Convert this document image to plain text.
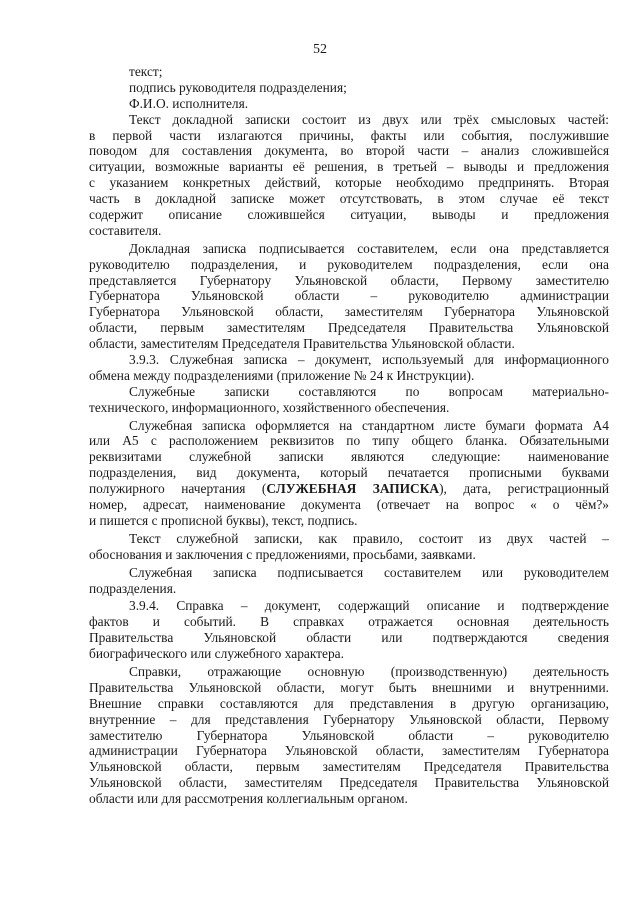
52
текст;
подпись руководителя подразделения;
Ф.И.О. исполнителя.
Текст докладной записки состоит из двух или трёх смысловых частей:
в первой части излагаются причины, факты или события, послужившие
поводом для составления документа, во второй части – анализ сложившейся
ситуации, возможные варианты её решения, в третьей – выводы и предложения
с указанием конкретных действий, которые необходимо предпринять. Вторая
часть в докладной записке может отсутствовать, в этом случае её текст
содержит описание сложившейся ситуации, выводы и предложения
составителя.
Докладная записка подписывается составителем, если она представляется
руководителю подразделения, и руководителем подразделения, если она
представляется Губернатору Ульяновской области, Первому заместителю
Губернатора Ульяновской области – руководителю администрации
Губернатора Ульяновской области, заместителям Губернатора Ульяновской
области, первым заместителям Председателя Правительства Ульяновской
области, заместителям Председателя Правительства Ульяновской области.
3.9.3. Служебная записка – документ, используемый для информационного
обмена между подразделениями (приложение № 24 к Инструкции).
Служебные записки составляются по вопросам материально-
технического, информационного, хозяйственного обеспечения.
Служебная записка оформляется на стандартном листе бумаги формата А4
или А5 с расположением реквизитов по типу общего бланка. Обязательными
реквизитами служебной записки являются следующие: наименование
подразделения, вид документа, который печатается прописными буквами
полужирного начертания (СЛУЖЕБНАЯ ЗАПИСКА), дата, регистрационный
номер, адресат, наименование документа (отвечает на вопрос « о чём?»
и пишется с прописной буквы), текст, подпись.
Текст служебной записки, как правило, состоит из двух частей –
обоснования и заключения с предложениями, просьбами, заявками.
Служебная записка подписывается составителем или руководителем
подразделения.
3.9.4. Справка – документ, содержащий описание и подтверждение
фактов и событий. В справках отражается основная деятельность
Правительства Ульяновской области или подтверждаются сведения
биографического или служебного характера.
Справки, отражающие основную (производственную) деятельность
Правительства Ульяновской области, могут быть внешними и внутренними.
Внешние справки составляются для представления в другую организацию,
внутренние – для представления Губернатору Ульяновской области, Первому
заместителю Губернатора Ульяновской области – руководителю
администрации Губернатора Ульяновской области, заместителям Губернатора
Ульяновской области, первым заместителям Председателя Правительства
Ульяновской области, заместителям Председателя Правительства Ульяновской
области или для рассмотрения коллегиальным органом.
